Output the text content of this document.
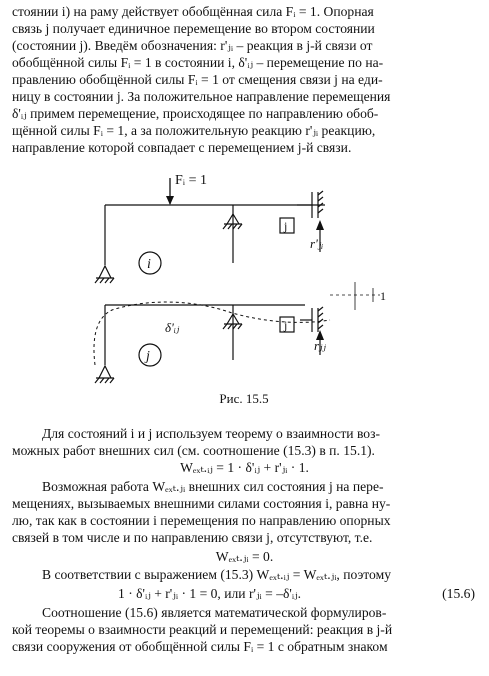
стоянии i) на раму действует обобщённая сила Fᵢ = 1. Опорная
связь j получает единичное перемещение во втором состоянии
(состоянии j). Введём обозначения: r'ⱼᵢ – реакция в j-й связи от
обобщённой силы Fᵢ = 1 в состоянии i, δ'ᵢⱼ – перемещение по на-
правлению обобщённой силы Fᵢ = 1 от смещения связи j на еди-
ницу в состоянии j. За положительное направление перемещения
δ'ᵢⱼ примем перемещение, происходящее по направлению обоб-
щённой силы Fᵢ = 1, а за положительную реакцию r'ⱼᵢ реакцию,
направление которой совпадает с перемещением j-й связи.
Fᵢ = 1
i
j
j
j
r'ⱼᵢ
rⱼⱼ
δ'ᵢⱼ
1
Рис. 15.5
Для состояний i и j используем теорему о взаимности воз-
можных работ внешних сил (см. соотношение (15.3) в п. 15.1).
Wₑₓₜ.ᵢⱼ = 1 · δ'ᵢⱼ + r'ⱼᵢ · 1.
Возможная работа Wₑₓₜ.ⱼᵢ внешних сил состояния j на пере-
мещениях, вызываемых внешними силами состояния i, равна ну-
лю, так как в состоянии i перемещения по направлению опорных
связей в том числе и по направлению связи j, отсутствуют, т.е.
Wₑₓₜ.ⱼᵢ = 0.
В соответствии с выражением (15.3) Wₑₓₜ.ᵢⱼ = Wₑₓₜ.ⱼᵢ, поэтому
1 · δ'ᵢⱼ + r'ⱼᵢ · 1 = 0, или r'ⱼᵢ = –δ'ᵢⱼ.	(15.6)
Соотношение (15.6) является математической формулиров-
кой теоремы о взаимности реакций и перемещений: реакция в j-й
связи сооружения от обобщённой силы Fᵢ = 1 с обратным знаком
